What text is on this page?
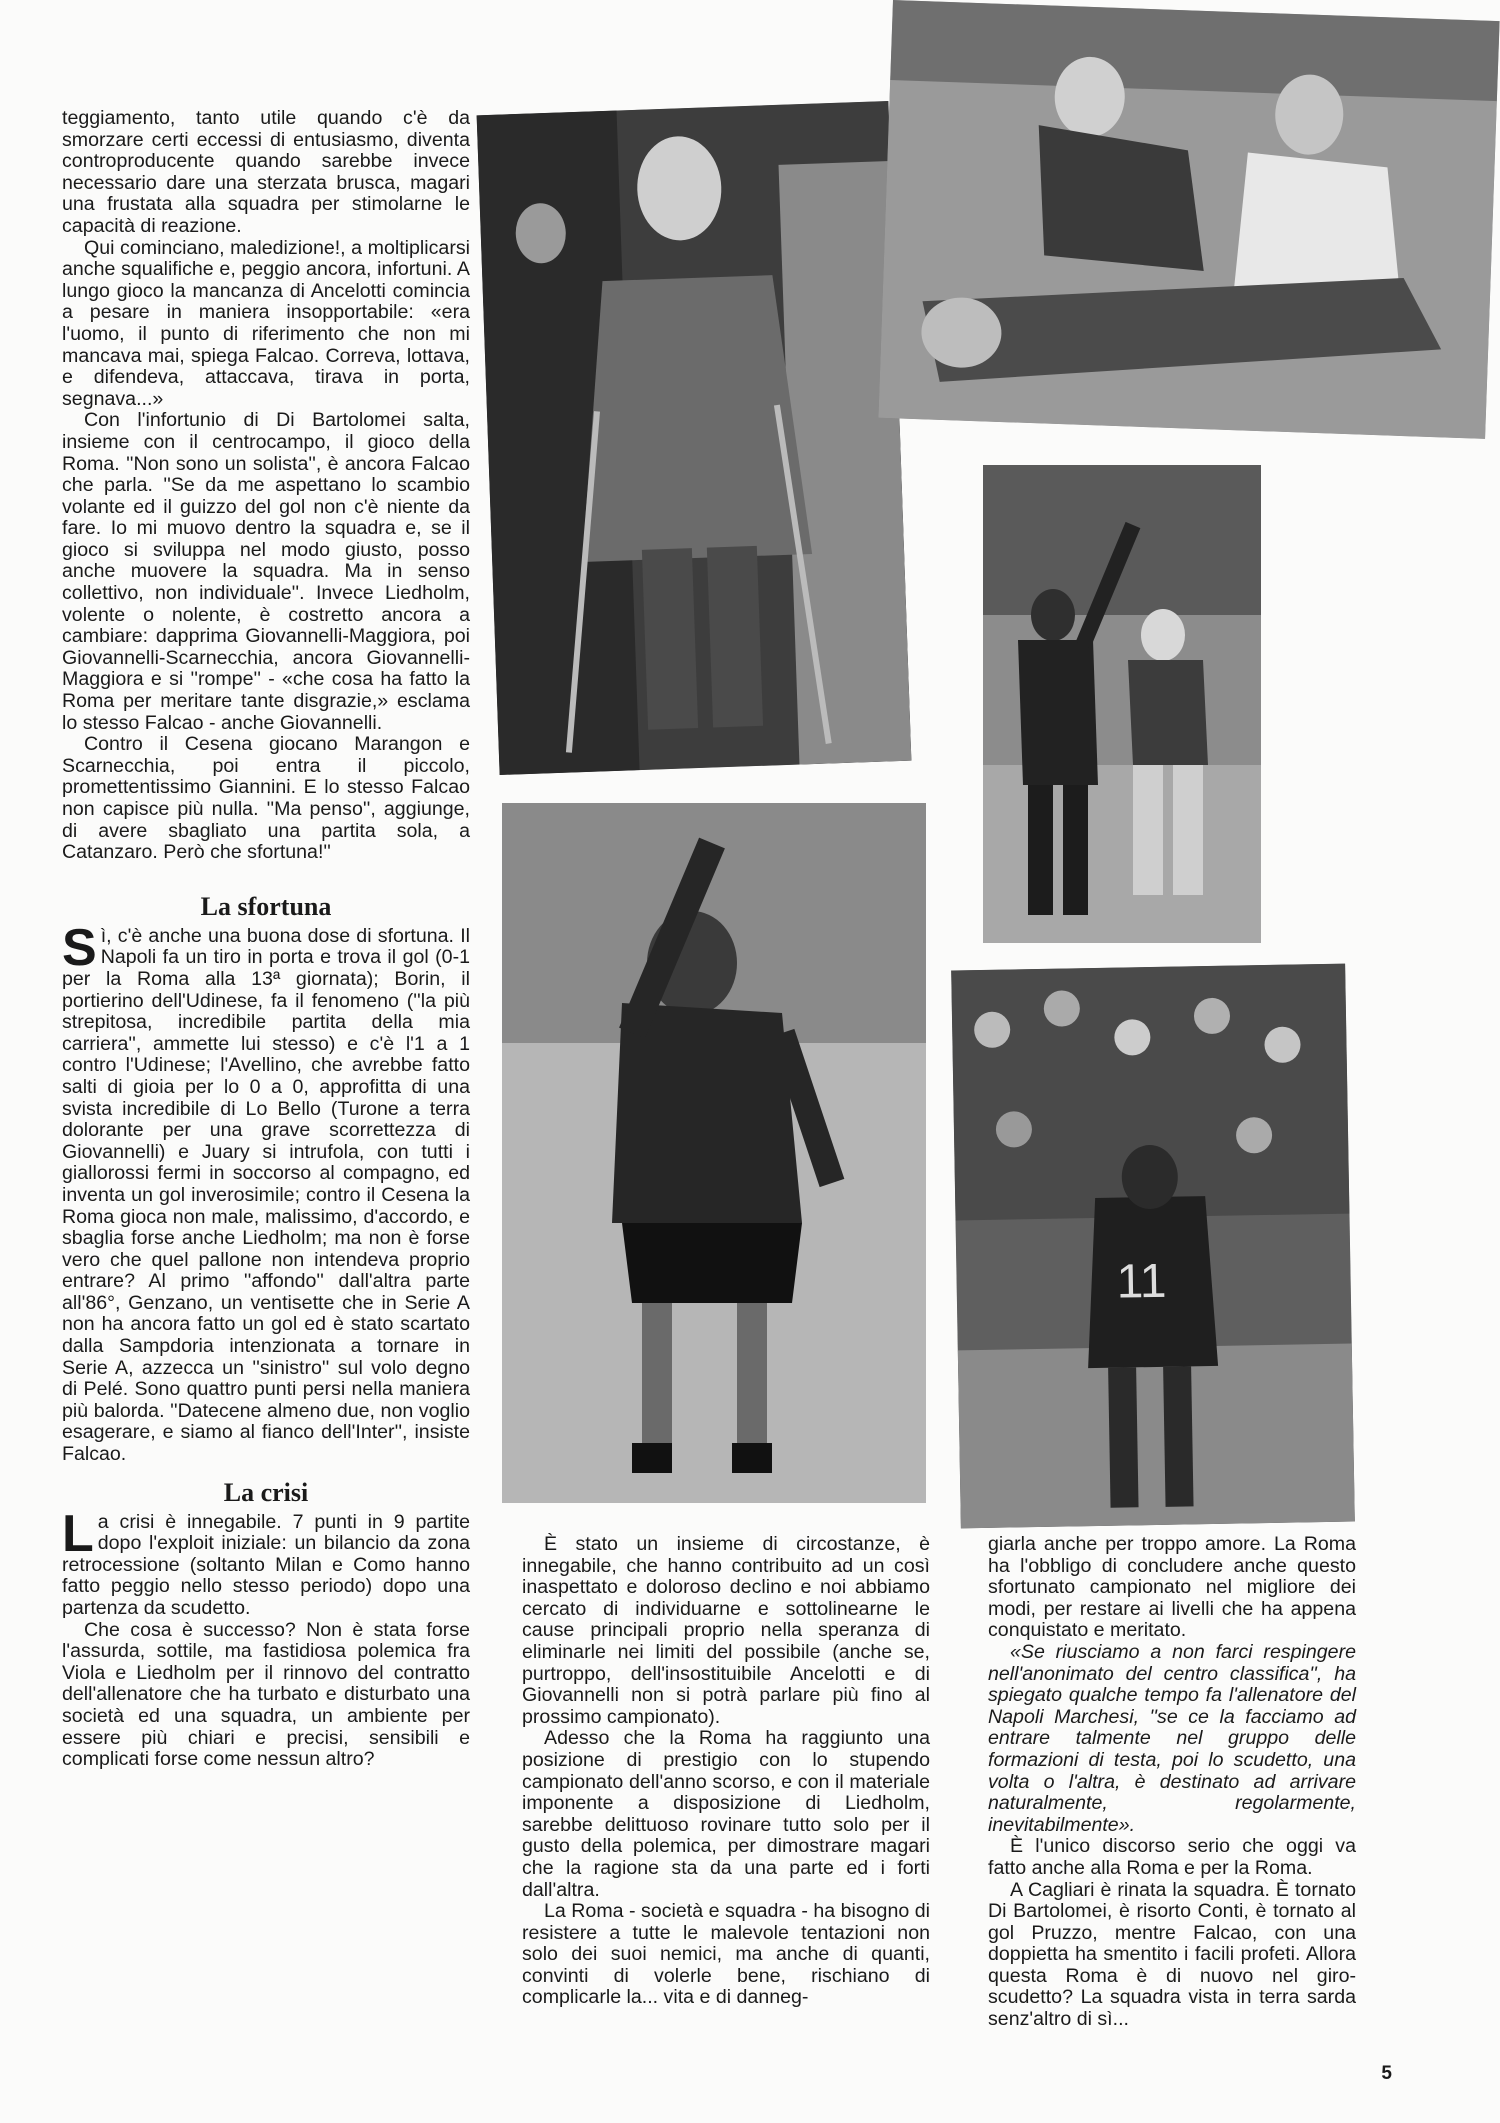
11

teggiamento, tanto utile quando c'è da smorzare certi eccessi di entusiasmo, diventa controproducente quando sarebbe invece necessario dare una sterzata brusca, magari una frustata alla squadra per stimolarne le capacità di reazione.

Qui cominciano, maledizione!, a moltiplicarsi anche squalifiche e, peggio ancora, infortuni. A lungo gioco la mancanza di Ancelotti comincia a pesare in maniera insopportabile: «era l'uomo, il punto di riferimento che non mi mancava mai, spiega Falcao. Correva, lottava, e difendeva, attaccava, tirava in porta, segnava...»

Con l'infortunio di Di Bartolomei salta, insieme con il centrocampo, il gioco della Roma. ''Non sono un solista'', è ancora Falcao che parla. ''Se da me aspettano lo scambio volante ed il guizzo del gol non c'è niente da fare. Io mi muovo dentro la squadra e, se il gioco si sviluppa nel modo giusto, posso anche muovere la squadra. Ma in senso collettivo, non individuale''. Invece Liedholm, volente o nolente, è costretto ancora a cambiare: dapprima Giovannelli-Maggiora, poi Giovannelli-Scarnecchia, ancora Giovannelli-Maggiora e si ''rompe'' - «che cosa ha fatto la Roma per meritare tante disgrazie,» esclama lo stesso Falcao - anche Giovannelli.

Contro il Cesena giocano Marangon e Scarnecchia, poi entra il piccolo, promettentissimo Giannini. E lo stesso Falcao non capisce più nulla. ''Ma penso'', aggiunge, di avere sbagliato una partita sola, a Catanzaro. Però che sfortuna!''

La sfortuna

Sì, c'è anche una buona dose di sfortuna. Il Napoli fa un tiro in porta e trova il gol (0-1 per la Roma alla 13ª giornata); Borin, il portierino dell'Udinese, fa il fenomeno (''la più strepitosa, incredibile partita della mia carriera'', ammette lui stesso) e c'è l'1 a 1 contro l'Udinese; l'Avellino, che avrebbe fatto salti di gioia per lo 0 a 0, approfitta di una svista incredibile di Lo Bello (Turone a terra dolorante per una grave scorrettezza di Giovannelli) e Juary si intrufola, con tutti i giallorossi fermi in soccorso al compagno, ed inventa un gol inverosimile; contro il Cesena la Roma gioca non male, malissimo, d'accordo, e sbaglia forse anche Liedholm; ma non è forse vero che quel pallone non intendeva proprio entrare? Al primo ''affondo'' dall'altra parte all'86°, Genzano, un ventisette che in Serie A non ha ancora fatto un gol ed è stato scartato dalla Sampdoria intenzionata a tornare in Serie A, azzecca un ''sinistro'' sul volo degno di Pelé. Sono quattro punti persi nella maniera più balorda. ''Datecene almeno due, non voglio esagerare, e siamo al fianco dell'Inter'', insiste Falcao.

La crisi

La crisi è innegabile. 7 punti in 9 partite dopo l'exploit iniziale: un bilancio da zona retrocessione (soltanto Milan e Como hanno fatto peggio nello stesso periodo) dopo una partenza da scudetto.

Che cosa è successo? Non è stata forse l'assurda, sottile, ma fastidiosa polemica fra Viola e Liedholm per il rinnovo del contratto dell'allenatore che ha turbato e disturbato una società ed una squadra, un ambiente per essere più chiari e precisi, sensibili e complicati forse come nessun altro?

È stato un insieme di circostanze, è innegabile, che hanno contribuito ad un così inaspettato e doloroso declino e noi abbiamo cercato di individuarne e sottolinearne le cause principali proprio nella speranza di eliminarle nei limiti del possibile (anche se, purtroppo, dell'insostituibile Ancelotti e di Giovannelli non si potrà parlare più fino al prossimo campionato).

Adesso che la Roma ha raggiunto una posizione di prestigio con lo stupendo campionato dell'anno scorso, e con il materiale imponente a disposizione di Liedholm, sarebbe delittuoso rovinare tutto solo per il gusto della polemica, per dimostrare magari che la ragione sta da una parte ed i forti dall'altra.

La Roma - società e squadra - ha bisogno di resistere a tutte le malevole tentazioni non solo dei suoi nemici, ma anche di quanti, convinti di volerle bene, rischiano di complicarle la... vita e di danneg-

giarla anche per troppo amore. La Roma ha l'obbligo di concludere anche questo sfortunato campionato nel migliore dei modi, per restare ai livelli che ha appena conquistato e meritato.

«Se riusciamo a non farci respingere nell'anonimato del centro classifica'', ha spiegato qualche tempo fa l'allenatore del Napoli Marchesi, ''se ce la facciamo ad entrare talmente nel gruppo delle formazioni di testa, poi lo scudetto, una volta o l'altra, è destinato ad arrivare naturalmente, regolarmente, inevitabilmente».

È l'unico discorso serio che oggi va fatto anche alla Roma e per la Roma.

A Cagliari è rinata la squadra. È tornato Di Bartolomei, è risorto Conti, è tornato al gol Pruzzo, mentre Falcao, con una doppietta ha smentito i facili profeti. Allora questa Roma è di nuovo nel giro-scudetto? La squadra vista in terra sarda senz'altro di sì...

5
